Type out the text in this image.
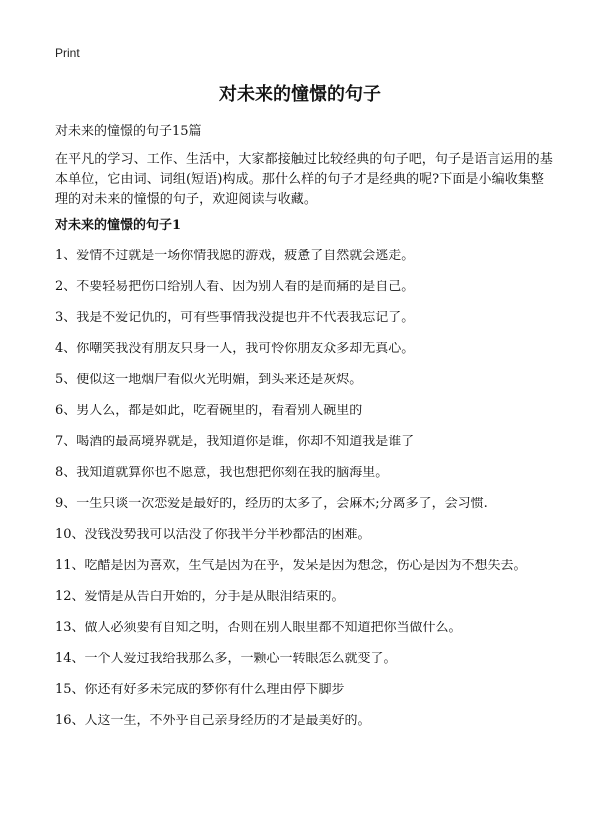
Print
对未来的憧憬的句子

对未来的憧憬的句子15篇

在平凡的学习、工作、生活中，大家都接触过比较经典的句子吧，句子是语言运用的基本单位，它由词、词组(短语)构成。那什么样的句子才是经典的呢?下面是小编收集整理的对未来的憧憬的句子，欢迎阅读与收藏。

对未来的憧憬的句子1
1、爱情不过就是一场你情我愿的游戏，疲惫了自然就会逃走。
2、不要轻易把伤口给别人看、因为别人看的是而痛的是自己。
3、我是不爱记仇的，可有些事情我没提也并不代表我忘记了。
4、你嘲笑我没有朋友只身一人，我可怜你朋友众多却无真心。
5、便似这一地烟尸看似火光明媚，到头来还是灰烬。
6、男人么，都是如此，吃着碗里的，看着别人碗里的
7、喝酒的最高境界就是，我知道你是谁，你却不知道我是谁了
8、我知道就算你也不愿意，我也想把你刻在我的脑海里。
9、一生只谈一次恋爱是最好的，经历的太多了，会麻木;分离多了，会习惯.
10、没钱没势我可以活没了你我半分半秒都活的困难。
11、吃醋是因为喜欢，生气是因为在乎，发呆是因为想念，伤心是因为不想失去。
12、爱情是从告白开始的，分手是从眼泪结束的。
13、做人必须要有自知之明，否则在别人眼里都不知道把你当做什么。
14、一个人爱过我给我那么多，一颗心一转眼怎么就变了。
15、你还有好多未完成的梦你有什么理由停下脚步
16、人这一生，不外乎自己亲身经历的才是最美好的。
